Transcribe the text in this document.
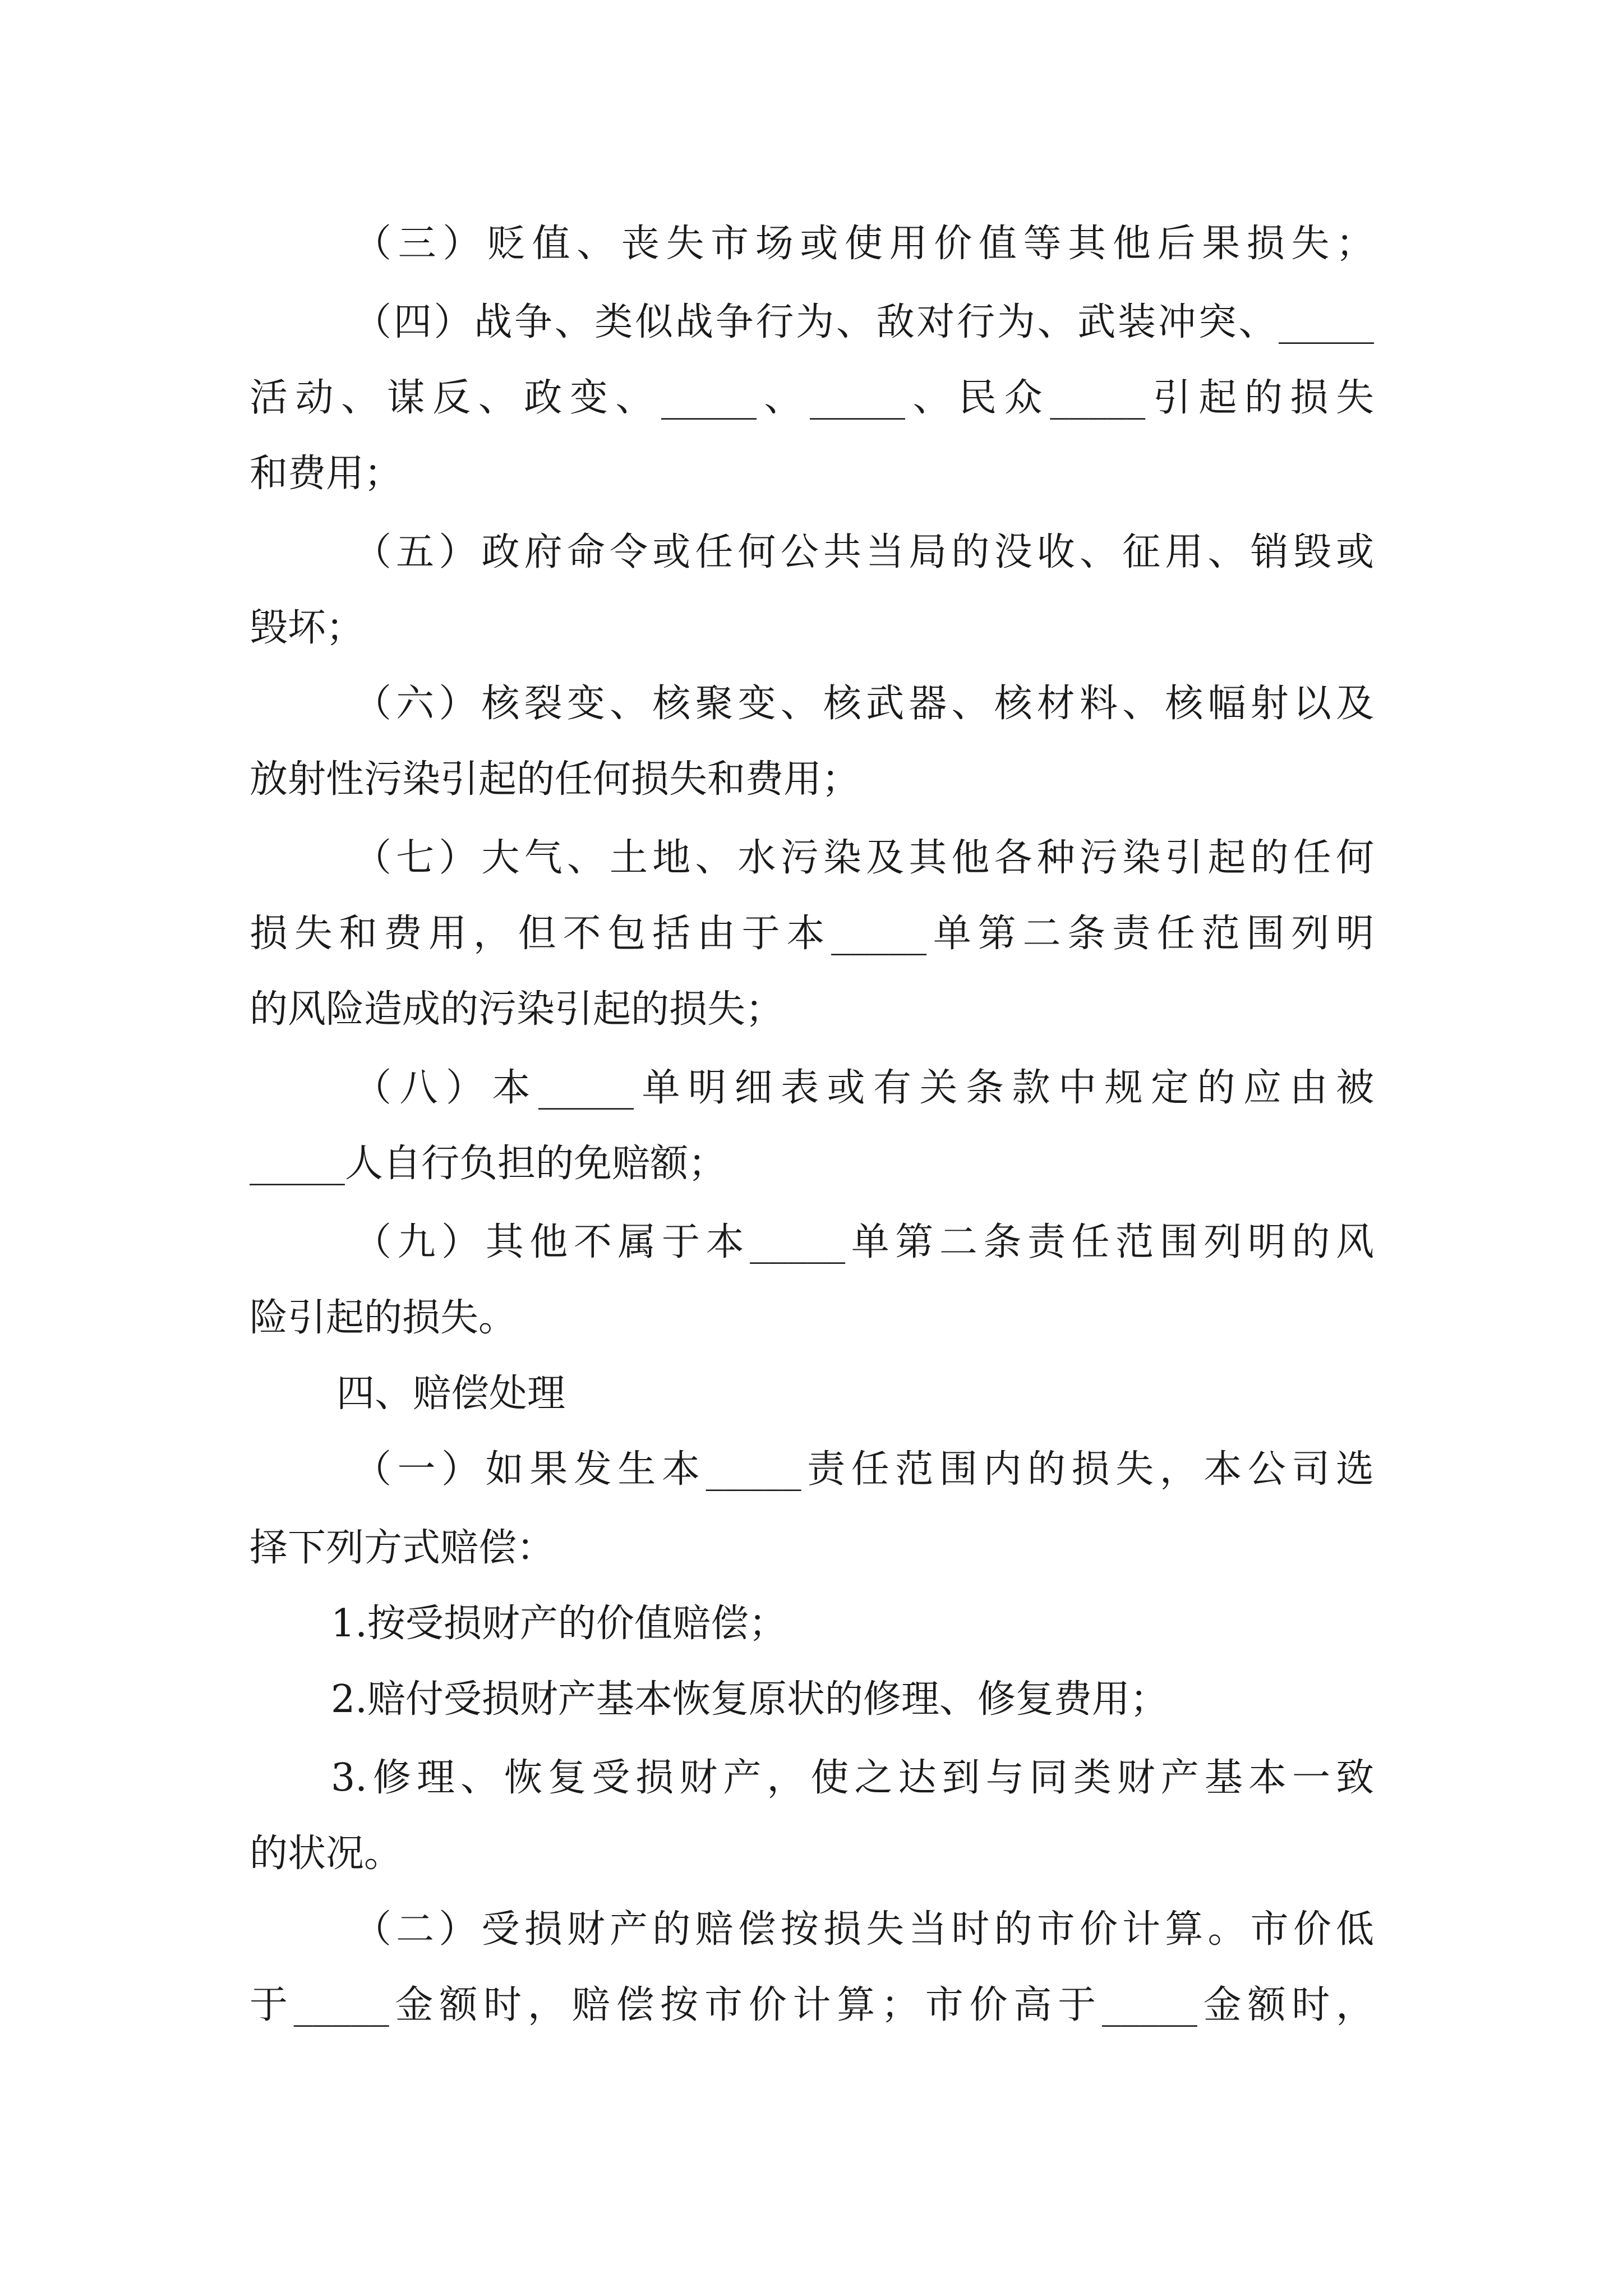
（三）贬值、丧失市场或使用价值等其他后果损失；
（四）战争、类似战争行为、敌对行为、武装冲突、_____
活动、谋反、政变、_____、_____、民众_____引起的损失
和费用；
（五）政府命令或任何公共当局的没收、征用、销毁或
毁坏；
（六）核裂变、核聚变、核武器、核材料、核幅射以及
放射性污染引起的任何损失和费用；
（七）大气、土地、水污染及其他各种污染引起的任何
损失和费用，但不包括由于本_____单第二条责任范围列明
的风险造成的污染引起的损失；
（八）本_____单明细表或有关条款中规定的应由被
_____人自行负担的免赔额；
（九）其他不属于本_____单第二条责任范围列明的风
险引起的损失。
四、赔偿处理
（一）如果发生本_____责任范围内的损失，本公司选
择下列方式赔偿：
1.按受损财产的价值赔偿；
2.赔付受损财产基本恢复原状的修理、修复费用；
3.修理、恢复受损财产，使之达到与同类财产基本一致
的状况。
（二）受损财产的赔偿按损失当时的市价计算。市价低
于_____金额时，赔偿按市价计算；市价高于_____金额时，
